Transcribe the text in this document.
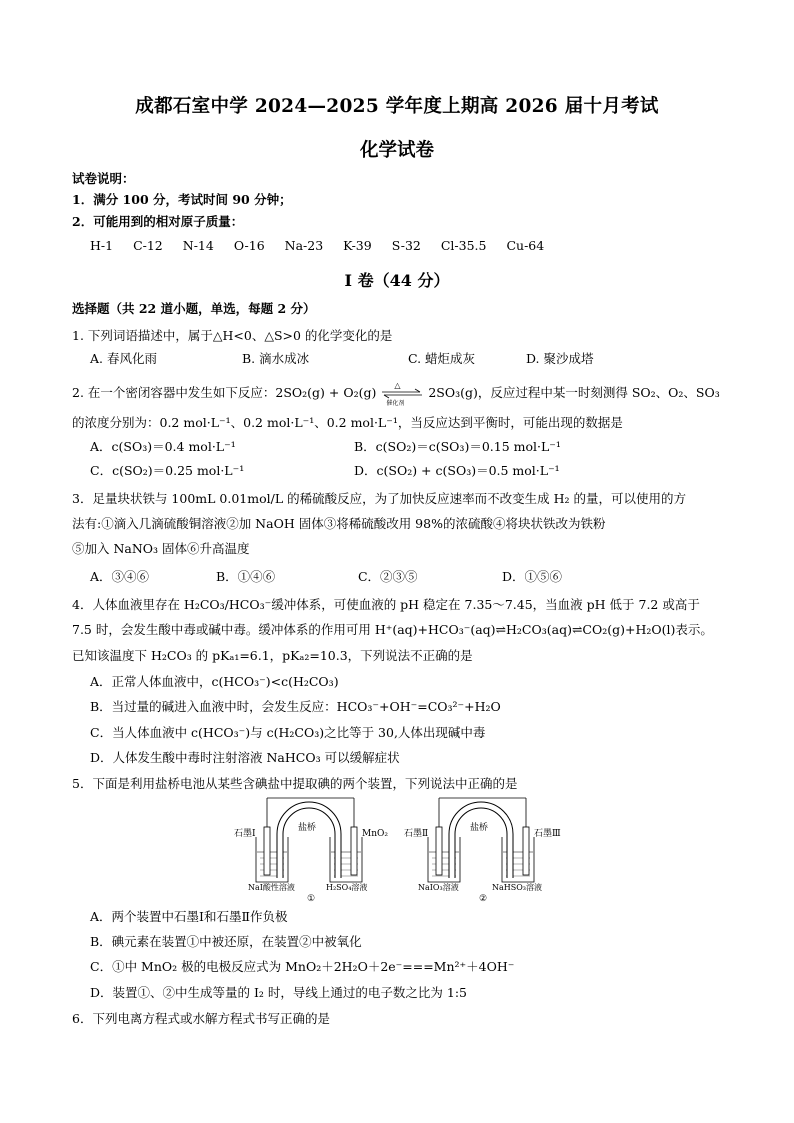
成都石室中学 2024—2025 学年度上期高 2026 届十月考试
化学试卷
试卷说明：
1．满分 100 分，考试时间 90 分钟；
2．可能用到的相对原子质量：
H-1 C-12 N-14 O-16 Na-23 K-39 S-32 Cl-35.5 Cu-64
I 卷（44 分）
选择题（共 22 道小题，单选，每题 2 分）
1. 下列词语描述中，属于△H<0、△S>0 的化学变化的是
A. 春风化雨	B. 滴水成冰	C. 蜡炬成灰	D. 聚沙成塔
2. 在一个密闭容器中发生如下反应：2SO₂(g) + O₂(g) △
催化剂
2SO₃(g)，反应过程中某一时刻测得 SO₂、O₂、SO₃
的浓度分别为：0.2 mol·L⁻¹、0.2 mol·L⁻¹、0.2 mol·L⁻¹，当反应达到平衡时，可能出现的数据是
A．c(SO₃)＝0.4 mol·L⁻¹	B．c(SO₂)＝c(SO₃)＝0.15 mol·L⁻¹
C．c(SO₂)＝0.25 mol·L⁻¹	D．c(SO₂) + c(SO₃)＝0.5 mol·L⁻¹
3．足量块状铁与 100mL 0.01mol/L 的稀硫酸反应，为了加快反应速率而不改变生成 H₂ 的量，可以使用的方
法有:①滴入几滴硫酸铜溶液②加 NaOH 固体③将稀硫酸改用 98%的浓硫酸④将块状铁改为铁粉
⑤加入 NaNO₃ 固体⑥升高温度
A．③④⑥	B．①④⑥	C．②③⑤	D．①⑤⑥
4．人体血液里存在 H₂CO₃/HCO₃⁻缓冲体系，可使血液的 pH 稳定在 7.35～7.45，当血液 pH 低于 7.2 或高于
7.5 时，会发生酸中毒或碱中毒。缓冲体系的作用可用 H⁺(aq)+HCO₃⁻(aq)⇌H₂CO₃(aq)⇌CO₂(g)+H₂O(l)表示。
已知该温度下 H₂CO₃ 的 pKₐ₁=6.1，pKₐ₂=10.3，下列说法不正确的是
A．正常人体血液中，c(HCO₃⁻)<c(H₂CO₃)
B．当过量的碱进入血液中时，会发生反应：HCO₃⁻+OH⁻=CO₃²⁻+H₂O
C．当人体血液中 c(HCO₃⁻)与 c(H₂CO₃)之比等于 30,人体出现碱中毒
D．人体发生酸中毒时注射溶液 NaHCO₃ 可以缓解症状
5．下面是利用盐桥电池从某些含碘盐中提取碘的两个装置，下列说法中正确的是
石墨Ⅰ
盐桥
MnO₂
NaI酸性溶液	H₂SO₄溶液
①
石墨Ⅱ
盐桥
石墨Ⅲ
NaIO₃溶液	NaHSO₃溶液
②
A．两个装置中石墨Ⅰ和石墨Ⅱ作负极
B．碘元素在装置①中被还原，在装置②中被氧化
C．①中 MnO₂ 极的电极反应式为 MnO₂＋2H₂O＋2e⁻===Mn²⁺＋4OH⁻
D．装置①、②中生成等量的 I₂ 时，导线上通过的电子数之比为 1:5
6．下列电离方程式或水解方程式书写正确的是
